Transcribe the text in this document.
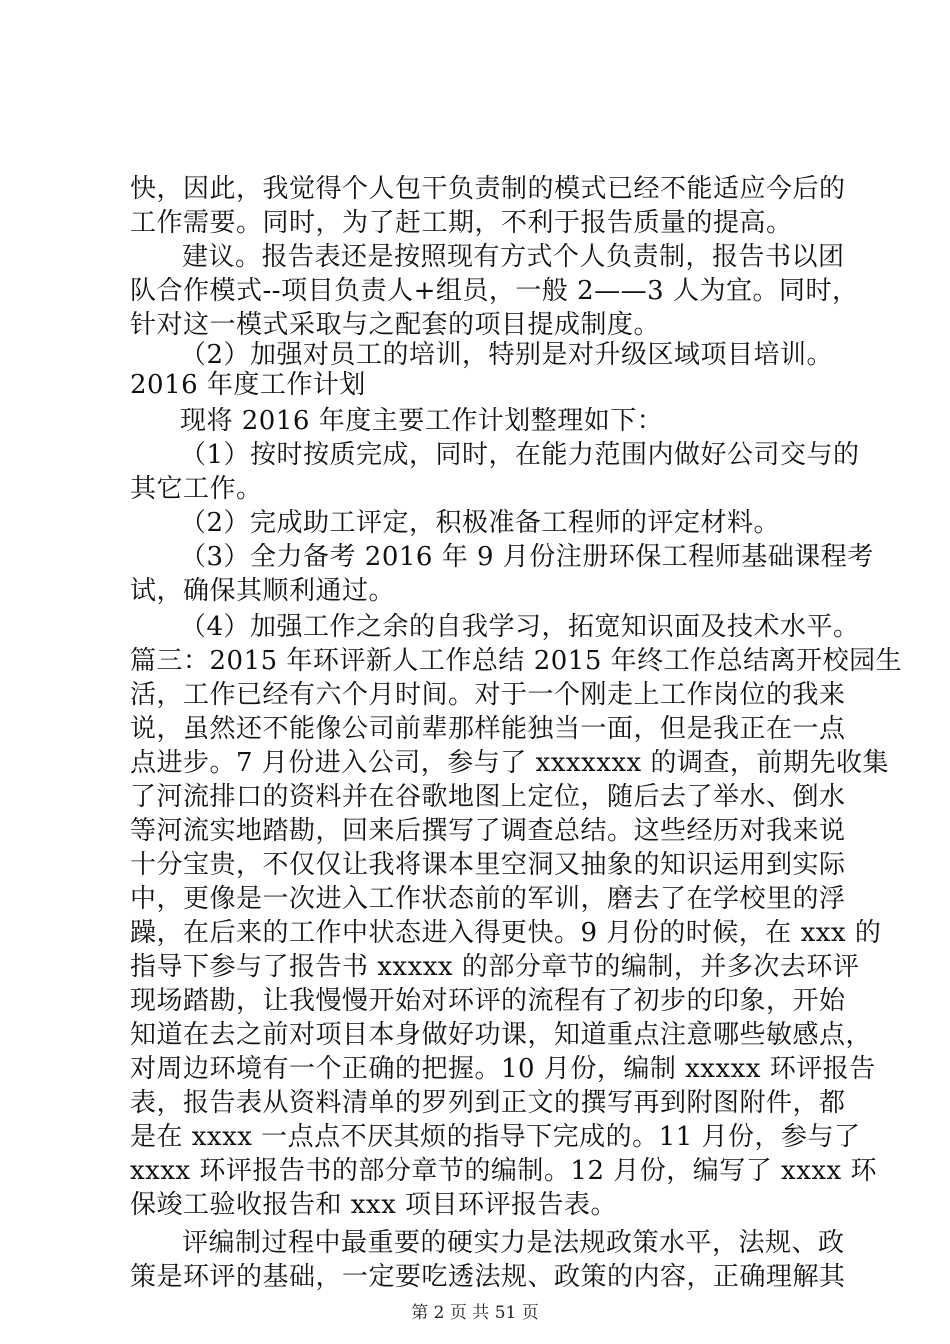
快，因此，我觉得个人包干负责制的模式已经不能适应今后的
工作需要。同时，为了赶工期，不利于报告质量的提高。
建议。报告表还是按照现有方式个人负责制，报告书以团
队合作模式--项目负责人+组员，一般 2——3 人为宜。同时，
针对这一模式采取与之配套的项目提成制度。
（2）加强对员工的培训，特别是对升级区域项目培训。
2016 年度工作计划
现将 2016 年度主要工作计划整理如下：
（1）按时按质完成，同时，在能力范围内做好公司交与的
其它工作。
（2）完成助工评定，积极准备工程师的评定材料。
（3）全力备考 2016 年 9 月份注册环保工程师基础课程考
试，确保其顺利通过。
（4）加强工作之余的自我学习，拓宽知识面及技术水平。
篇三：2015 年环评新人工作总结 2015 年终工作总结离开校园生
活，工作已经有六个月时间。对于一个刚走上工作岗位的我来
说，虽然还不能像公司前辈那样能独当一面，但是我正在一点
点进步。7 月份进入公司，参与了 xxxxxxx 的调查，前期先收集
了河流排口的资料并在谷歌地图上定位，随后去了举水、倒水
等河流实地踏勘，回来后撰写了调查总结。这些经历对我来说
十分宝贵，不仅仅让我将课本里空洞又抽象的知识运用到实际
中，更像是一次进入工作状态前的军训，磨去了在学校里的浮
躁，在后来的工作中状态进入得更快。9 月份的时候，在 xxx 的
指导下参与了报告书 xxxxx 的部分章节的编制，并多次去环评
现场踏勘，让我慢慢开始对环评的流程有了初步的印象，开始
知道在去之前对项目本身做好功课，知道重点注意哪些敏感点，
对周边环境有一个正确的把握。10 月份，编制 xxxxx 环评报告
表，报告表从资料清单的罗列到正文的撰写再到附图附件，都
是在 xxxx 一点点不厌其烦的指导下完成的。11 月份，参与了
xxxx 环评报告书的部分章节的编制。12 月份，编写了 xxxx 环
保竣工验收报告和 xxx 项目环评报告表。
评编制过程中最重要的硬实力是法规政策水平，法规、政
策是环评的基础，一定要吃透法规、政策的内容，正确理解其
第 2 页 共 51 页
